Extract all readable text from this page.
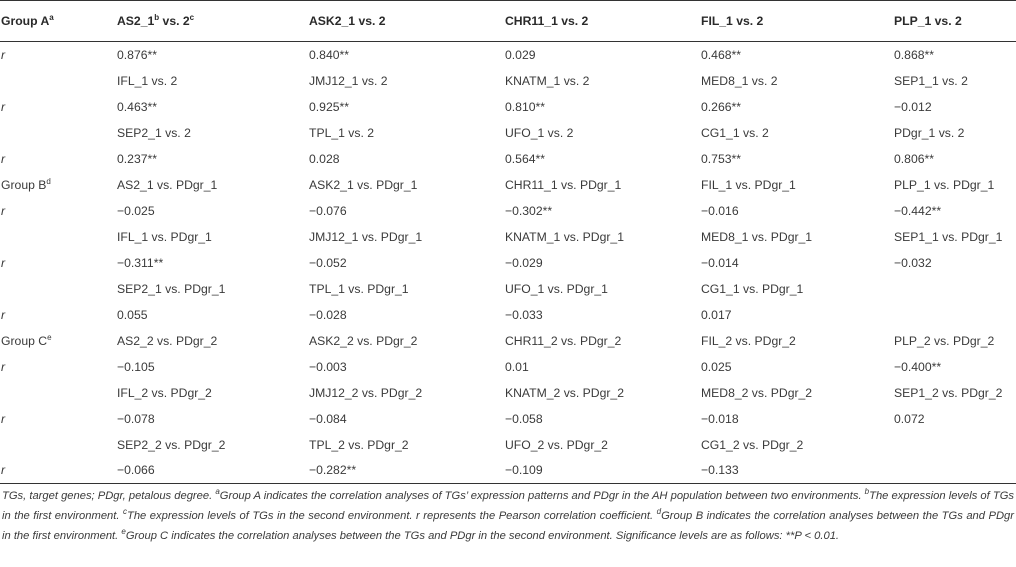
Group $A^a$	AS2_1$^b$ vs. 2$^c$	ASK2_1 vs. 2	CHR11_1 vs. 2	FIL_1 vs. 2	PLP_1 vs. 2
r	0.876**	0.840**	0.029	0.468**	0.868**
	IFL_1 vs. 2	JMJ12_1 vs. 2	KNATM_1 vs. 2	MED8_1 vs. 2	SEP1_1 vs. 2
r	0.463**	0.925**	0.810**	0.266**	−0.012
	SEP2_1 vs. 2	TPL_1 vs. 2	UFO_1 vs. 2	CG1_1 vs. 2	PDgr_1 vs. 2
r	0.237**	0.028	0.564**	0.753**	0.806**
Group $B^d$	AS2_1 vs. PDgr_1	ASK2_1 vs. PDgr_1	CHR11_1 vs. PDgr_1	FIL_1 vs. PDgr_1	PLP_1 vs. PDgr_1
r	−0.025	−0.076	−0.302**	−0.016	−0.442**
	IFL_1 vs. PDgr_1	JMJ12_1 vs. PDgr_1	KNATM_1 vs. PDgr_1	MED8_1 vs. PDgr_1	SEP1_1 vs. PDgr_1
r	−0.311**	−0.052	−0.029	−0.014	−0.032
	SEP2_1 vs. PDgr_1	TPL_1 vs. PDgr_1	UFO_1 vs. PDgr_1	CG1_1 vs. PDgr_1	
r	0.055	−0.028	−0.033	0.017	
Group Ce	AS2_2 vs. PDgr_2	ASK2_2 vs. PDgr_2	CHR11_2 vs. PDgr_2	FIL_2 vs. PDgr_2	PLP_2 vs. PDgr_2
r	−0.105	−0.003	0.01	0.025	−0.400**
	IFL_2 vs. PDgr_2	JMJ12_2 vs. PDgr_2	KNATM_2 vs. PDgr_2	MED8_2 vs. PDgr_2	SEP1_2 vs. PDgr_2
r	−0.078	−0.084	−0.058	−0.018	0.072
	SEP2_2 vs. PDgr_2	TPL_2 vs. PDgr_2	UFO_2 vs. PDgr_2	CG1_2 vs. PDgr_2	
r	−0.066	−0.282**	−0.109	−0.133	

TGs, target genes; PDgr, petalous degree. $^a$Group A indicates the correlation analyses of TGs’ expression patterns and PDgr in the AH population between two environments. $^b$The expression levels of TGs in the first environment. $^c$The expression levels of TGs in the second environment. r represents the Pearson correlation coefficient. $^d$Group B indicates the correlation analyses between the TGs and PDgr in the first environment. $^e$Group C indicates the correlation analyses between the TGs and PDgr in the second environment. Significance levels are as follows: **P < 0.01.
